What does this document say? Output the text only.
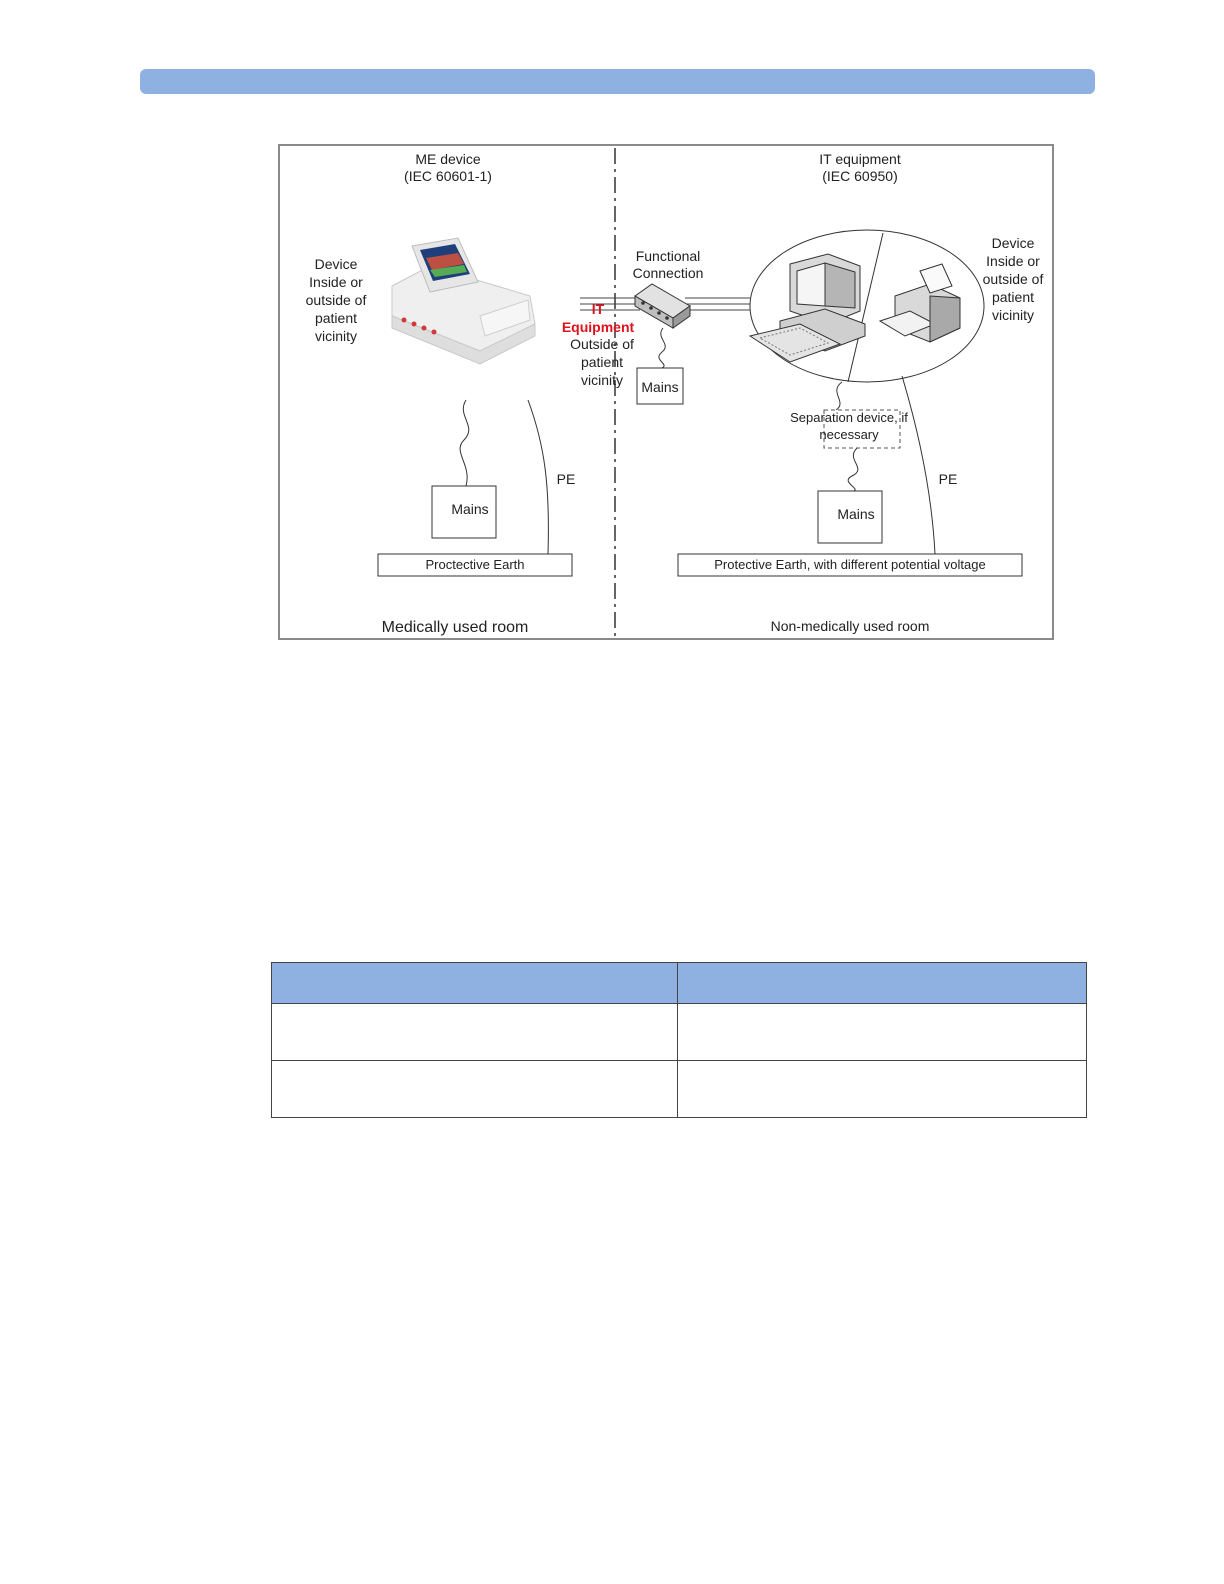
ME device
(IEC 60601-1)
IT equipment
(IEC 60950)
Device
Inside or
outside of
patient
vicinity
Device
Inside or
outside of
patient
vicinity
Functional
Connection
IT
Equipment
Outside of
patient
vicinity Mains
Mains
PE
Proctective Earth
Separation device, if
necessary
Mains
PE
Protective Earth, with different potential voltage
Medically used room	Non-medically used room
